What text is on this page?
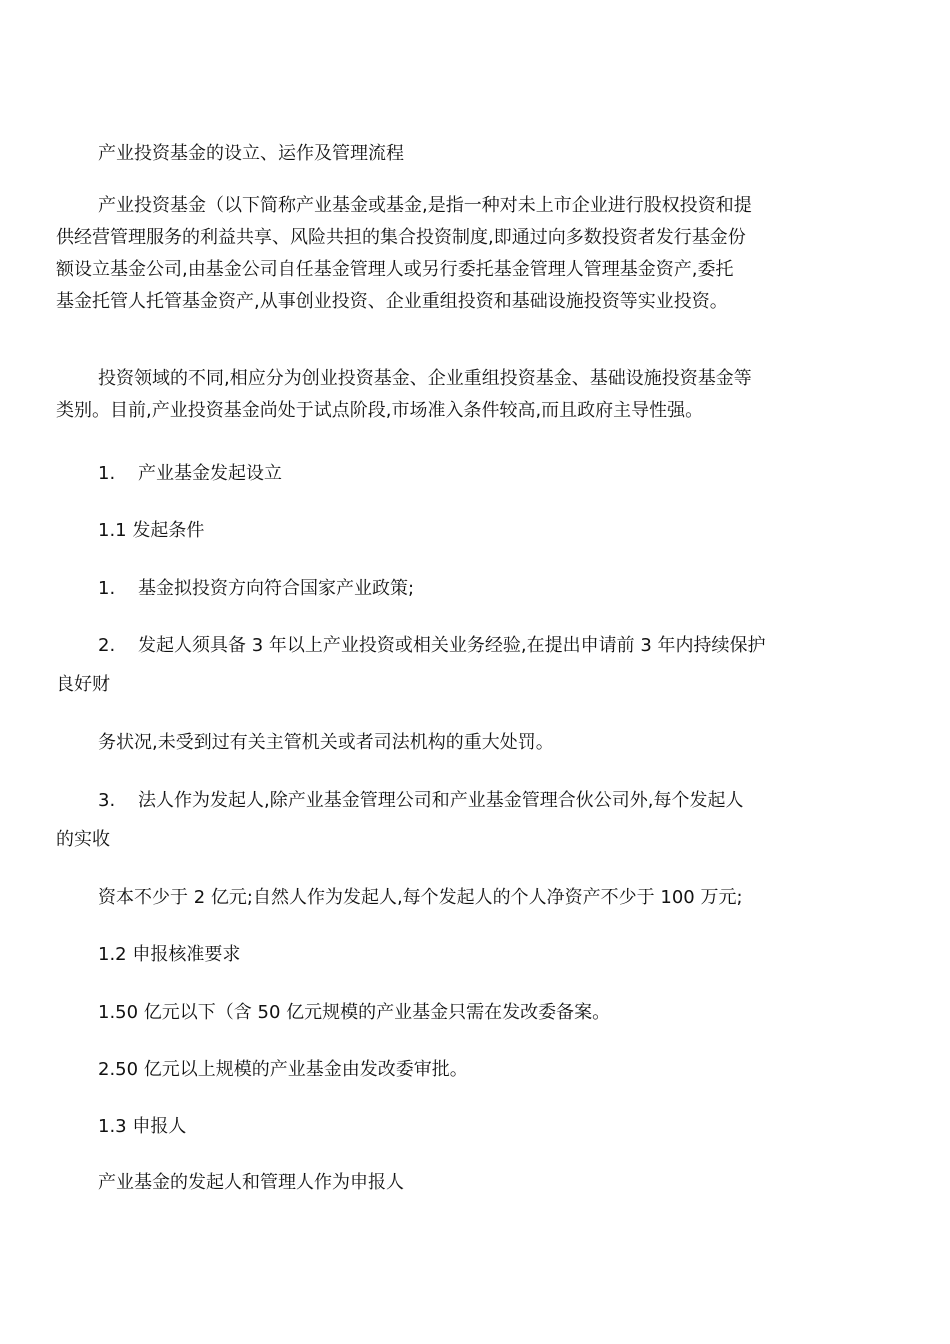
产业投资基金的设立、运作及管理流程
产业投资基金（以下简称产业基金或基金,是指一种对未上市企业进行股权投资和提
供经营管理服务的利益共享、风险共担的集合投资制度,即通过向多数投资者发行基金份
额设立基金公司,由基金公司自任基金管理人或另行委托基金管理人管理基金资产,委托
基金托管人托管基金资产,从事创业投资、企业重组投资和基础设施投资等实业投资。
投资领域的不同,相应分为创业投资基金、企业重组投资基金、基础设施投资基金等
类别。目前,产业投资基金尚处于试点阶段,市场准入条件较高,而且政府主导性强。
1. 产业基金发起设立
1.1 发起条件
1. 基金拟投资方向符合国家产业政策;
2. 发起人须具备 3 年以上产业投资或相关业务经验,在提出申请前 3 年内持续保护
良好财
务状况,未受到过有关主管机关或者司法机构的重大处罚。
3. 法人作为发起人,除产业基金管理公司和产业基金管理合伙公司外,每个发起人
的实收
资本不少于 2 亿元;自然人作为发起人,每个发起人的个人净资产不少于 100 万元;
1.2 申报核准要求
1.50 亿元以下（含 50 亿元规模的产业基金只需在发改委备案。
2.50 亿元以上规模的产业基金由发改委审批。
1.3 申报人
产业基金的发起人和管理人作为申报人
